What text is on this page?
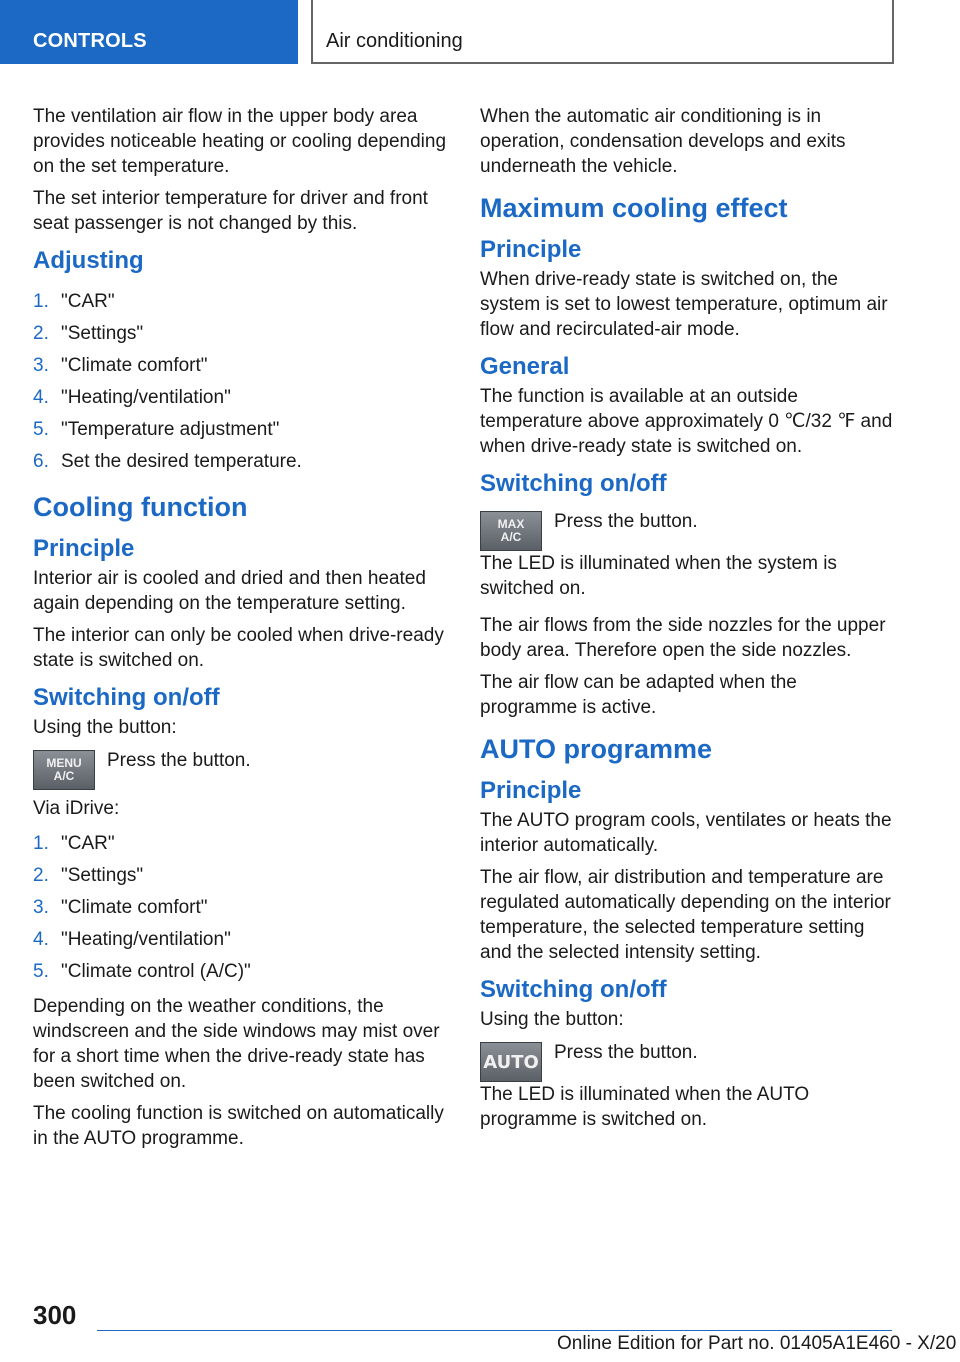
CONTROLS	Air conditioning

The ventilation air flow in the upper body area provides noticeable heating or cooling depending on the set temperature.

The set interior temperature for driver and front seat passenger is not changed by this.

Adjusting
1. "CAR"
2. "Settings"
3. "Climate comfort"
4. "Heating/ventilation"
5. "Temperature adjustment"
6. Set the desired temperature.
Cooling function
Principle

Interior air is cooled and dried and then heated again depending on the temperature setting.

The interior can only be cooled when drive-ready state is switched on.

Switching on/off

Using the button:

MENU
A/C

Press the button.

Via iDrive:

1. "CAR"
2. "Settings"
3. "Climate comfort"
4. "Heating/ventilation"
5. "Climate control (A/C)"

Depending on the weather conditions, the windscreen and the side windows may mist over for a short time when the drive-ready state has been switched on.

The cooling function is switched on automatically in the AUTO programme.

When the automatic air conditioning is in operation, condensation develops and exits underneath the vehicle.

Maximum cooling effect
Principle

When drive-ready state is switched on, the system is set to lowest temperature, optimum air flow and recirculated-air mode.

General

The function is available at an outside temperature above approximately 0 ℃/32 ℉ and when drive-ready state is switched on.

Switching on/off
MAX
A/C

Press the button.

The LED is illuminated when the system is switched on.

The air flows from the side nozzles for the upper body area. Therefore open the side nozzles.

The air flow can be adapted when the programme is active.

AUTO programme
Principle

The AUTO program cools, ventilates or heats the interior automatically.

The air flow, air distribution and temperature are regulated automatically depending on the interior temperature, the selected temperature setting and the selected intensity setting.

Switching on/off

Using the button:

AUTO Press the button.

The LED is illuminated when the AUTO programme is switched on.

300
Online Edition for Part no. 01405A1E460 - X/20
